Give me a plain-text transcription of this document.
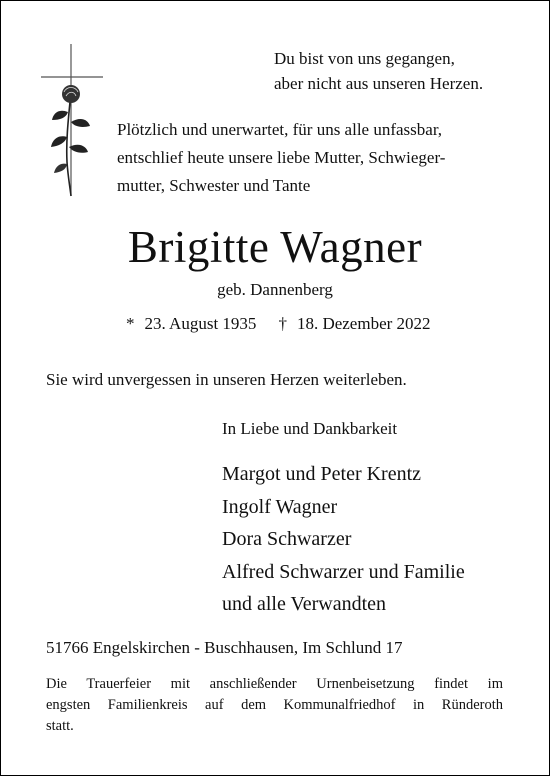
Du bist von uns gegangen,
aber nicht aus unseren Herzen.
Plötzlich und unerwartet, für uns alle unfassbar,
entschlief heute unsere liebe Mutter, Schwieger-
mutter, Schwester und Tante
Brigitte Wagner
geb. Dannenberg
* 23. August 1935 † 18. Dezember 2022
Sie wird unvergessen in unseren Herzen weiterleben.
In Liebe und Dankbarkeit
Margot und Peter Krentz
Ingolf Wagner
Dora Schwarzer
Alfred Schwarzer und Familie
und alle Verwandten
51766 Engelskirchen - Buschhausen, Im Schlund 17
Die Trauerfeier mit anschließender Urnenbeisetzung findet im
engsten Familienkreis auf dem Kommunalfriedhof in Ründeroth
statt.
